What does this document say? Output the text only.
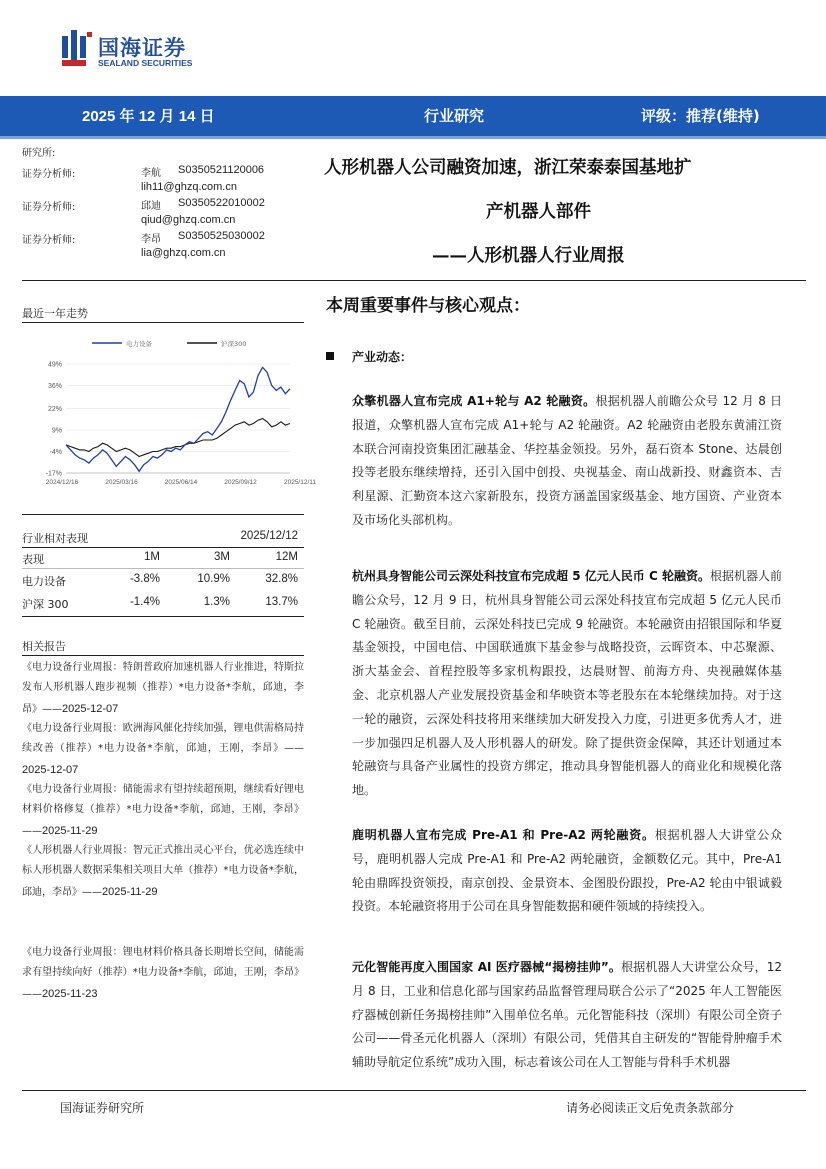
国海证券
SEALAND SECURITIES
2025 年 12 月 14 日	行业研究	评级：推荐(维持)
研究所:
证券分析师:	李航 S0350521120006
lih11@ghzq.com.cn
证券分析师:	邱迪 S0350522010002
qiud@ghzq.com.cn
证券分析师:	李昂 S0350525030002
lia@ghzq.com.cn
人形机器人公司融资加速，浙江荣泰泰国基地扩
产机器人部件
——人形机器人行业周报
最近一年走势
电力设备	沪深300
49%
36%
22%
9%
-4%
-17%
2024/12/16	2025/03/16	2025/06/14	2025/09/12	2025/12/11
行业相对表现	2025/12/12
表现	1M	3M	12M
电力设备	-3.8%	10.9%	32.8%
沪深 300	-1.4%	1.3%	13.7%
相关报告
《电力设备行业周报：特朗普政府加速机器人行业推进，特斯拉发布人形机器人跑步视频（推荐）*电力设备*李航，邱迪，李昂》——2025-12-07
《电力设备行业周报：欧洲海风催化持续加强，锂电供需格局持续改善（推荐）*电力设备*李航，邱迪，王刚，李昂》——2025-12-07
《电力设备行业周报：储能需求有望持续超预期，继续看好锂电材料价格修复（推荐）*电力设备*李航，邱迪，王刚，李昂》——2025-11-29
《人形机器人行业周报：智元正式推出灵心平台，优必选连续中标人形机器人数据采集相关项目大单（推荐）*电力设备*李航，邱迪，李昂》——2025-11-29
《电力设备行业周报：锂电材料价格具备长期增长空间，储能需求有望持续向好（推荐）*电力设备*李航，邱迪，王刚，李昂》——2025-11-23
本周重要事件与核心观点：
产业动态：
众擎机器人宣布完成 A1+轮与 A2 轮融资。根据机器人前瞻公众号 12 月 8 日报道，众擎机器人宣布完成 A1+轮与 A2 轮融资。A2 轮融资由老股东黄浦江资本联合河南投资集团汇融基金、华控基金领投。另外，磊石资本 Stone、达晨创投等老股东继续增持，还引入国中创投、央视基金、南山战新投、财鑫资本、吉利星源、汇勤资本这六家新股东，投资方涵盖国家级基金、地方国资、产业资本及市场化头部机构。
杭州具身智能公司云深处科技宣布完成超 5 亿元人民币 C 轮融资。根据机器人前瞻公众号，12 月 9 日，杭州具身智能公司云深处科技宣布完成超 5 亿元人民币 C 轮融资。截至目前，云深处科技已完成 9 轮融资。本轮融资由招银国际和华夏基金领投，中国电信、中国联通旗下基金参与战略投资，云晖资本、中芯聚源、浙大基金会、首程控股等多家机构跟投，达晨财智、前海方舟、央视融媒体基金、北京机器人产业发展投资基金和华映资本等老股东在本轮继续加持。对于这一轮的融资，云深处科技将用来继续加大研发投入力度，引进更多优秀人才，进一步加强四足机器人及人形机器人的研发。除了提供资金保障，其还计划通过本轮融资与具备产业属性的投资方绑定，推动具身智能机器人的商业化和规模化落地。
鹿明机器人宣布完成 Pre-A1 和 Pre-A2 两轮融资。根据机器人大讲堂公众号，鹿明机器人完成 Pre-A1 和 Pre-A2 两轮融资，金额数亿元。其中，Pre-A1 轮由鼎晖投资领投，南京创投、金景资本、金图股份跟投，Pre-A2 轮由中银诚毅投资。本轮融资将用于公司在具身智能数据和硬件领域的持续投入。
元化智能再度入围国家 AI 医疗器械“揭榜挂帅”。根据机器人大讲堂公众号，12 月 8 日，工业和信息化部与国家药品监督管理局联合公示了“2025 年人工智能医疗器械创新任务揭榜挂帅”入围单位名单。元化智能科技（深圳）有限公司全资子公司——骨圣元化机器人（深圳）有限公司，凭借其自主研发的“智能骨肿瘤手术辅助导航定位系统”成功入围，标志着该公司在人工智能与骨科手术机器
国海证券研究所	请务必阅读正文后免责条款部分
